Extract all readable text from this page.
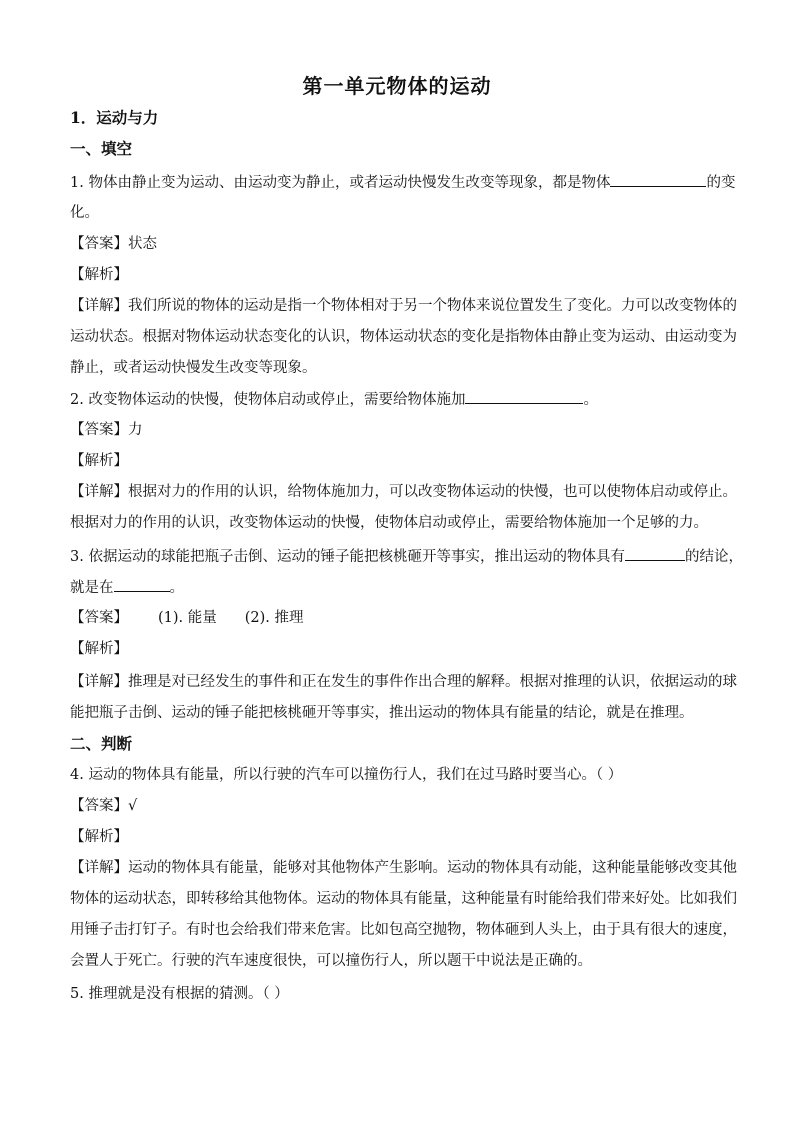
第一单元物体的运动
1．运动与力
一、填空
1. 物体由静止变为运动、由运动变为静止，或者运动快慢发生改变等现象，都是物体	的变
化。
【答案】状态
【解析】
【详解】我们所说的物体的运动是指一个物体相对于另一个物体来说位置发生了变化。力可以改变物体的
运动状态。根据对物体运动状态变化的认识，物体运动状态的变化是指物体由静止变为运动、由运动变为
静止，或者运动快慢发生改变等现象。
2. 改变物体运动的快慢，使物体启动或停止，需要给物体施加	。
【答案】力
【解析】
【详解】根据对力的作用的认识，给物体施加力，可以改变物体运动的快慢，也可以使物体启动或停止。
根据对力的作用的认识，改变物体运动的快慢，使物体启动或停止，需要给物体施加一个足够的力。
3. 依据运动的球能把瓶子击倒、运动的锤子能把核桃砸开等事实，推出运动的物体具有	的结论，
就是在	。
【答案】 (1). 能量 (2). 推理
【解析】
【详解】推理是对已经发生的事件和正在发生的事件作出合理的解释。根据对推理的认识，依据运动的球
能把瓶子击倒、运动的锤子能把核桃砸开等事实，推出运动的物体具有能量的结论，就是在推理。
二、判断
4. 运动的物体具有能量，所以行驶的汽车可以撞伤行人，我们在过马路时要当心。（ ）
【答案】√
【解析】
【详解】运动的物体具有能量，能够对其他物体产生影响。运动的物体具有动能，这种能量能够改变其他
物体的运动状态，即转移给其他物体。运动的物体具有能量，这种能量有时能给我们带来好处。比如我们
用锤子击打钉子。有时也会给我们带来危害。比如包高空抛物，物体砸到人头上，由于具有很大的速度，
会置人于死亡。行驶的汽车速度很快，可以撞伤行人，所以题干中说法是正确的。
5. 推理就是没有根据的猜测。（ ）
